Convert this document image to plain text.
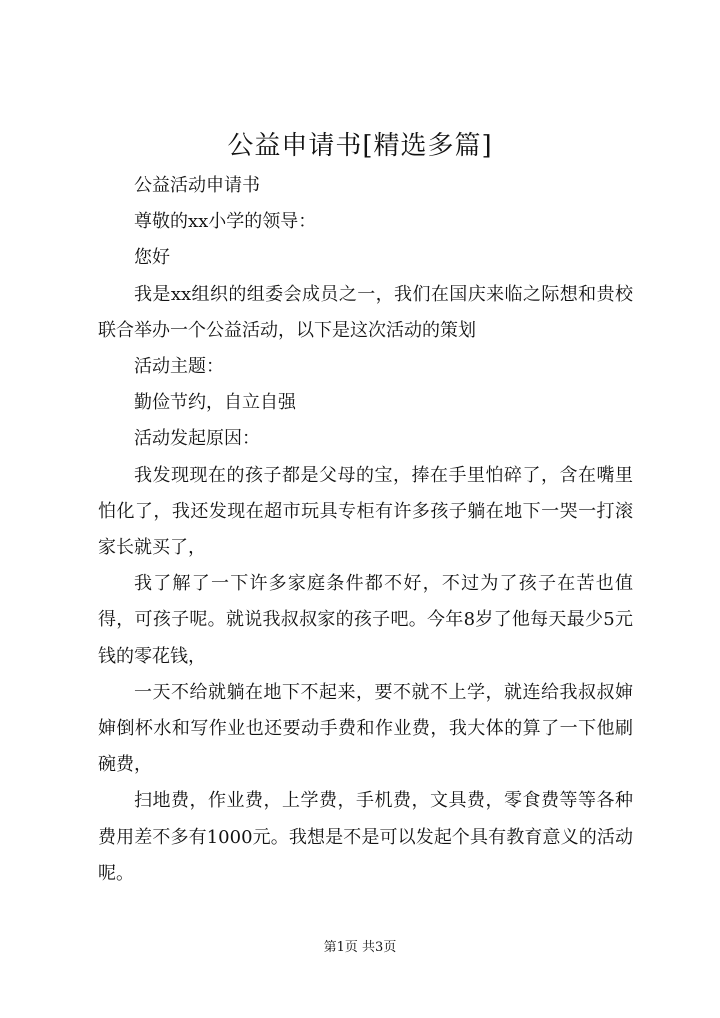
公益申请书[精选多篇]

公益活动申请书

尊敬的xx小学的领导：

您好

我是xx组织的组委会成员之一，我们在国庆来临之际想和贵校联合举办一个公益活动，以下是这次活动的策划

活动主题：

勤俭节约，自立自强

活动发起原因：

我发现现在的孩子都是父母的宝，捧在手里怕碎了，含在嘴里怕化了，我还发现在超市玩具专柜有许多孩子躺在地下一哭一打滚家长就买了，

我了解了一下许多家庭条件都不好，不过为了孩子在苦也值得，可孩子呢。就说我叔叔家的孩子吧。今年8岁了他每天最少5元钱的零花钱，

一天不给就躺在地下不起来，要不就不上学，就连给我叔叔婶婶倒杯水和写作业也还要动手费和作业费，我大体的算了一下他刷碗费，

扫地费，作业费，上学费，手机费，文具费，零食费等等各种费用差不多有1000元。我想是不是可以发起个具有教育意义的活动呢。

第1页 共3页
